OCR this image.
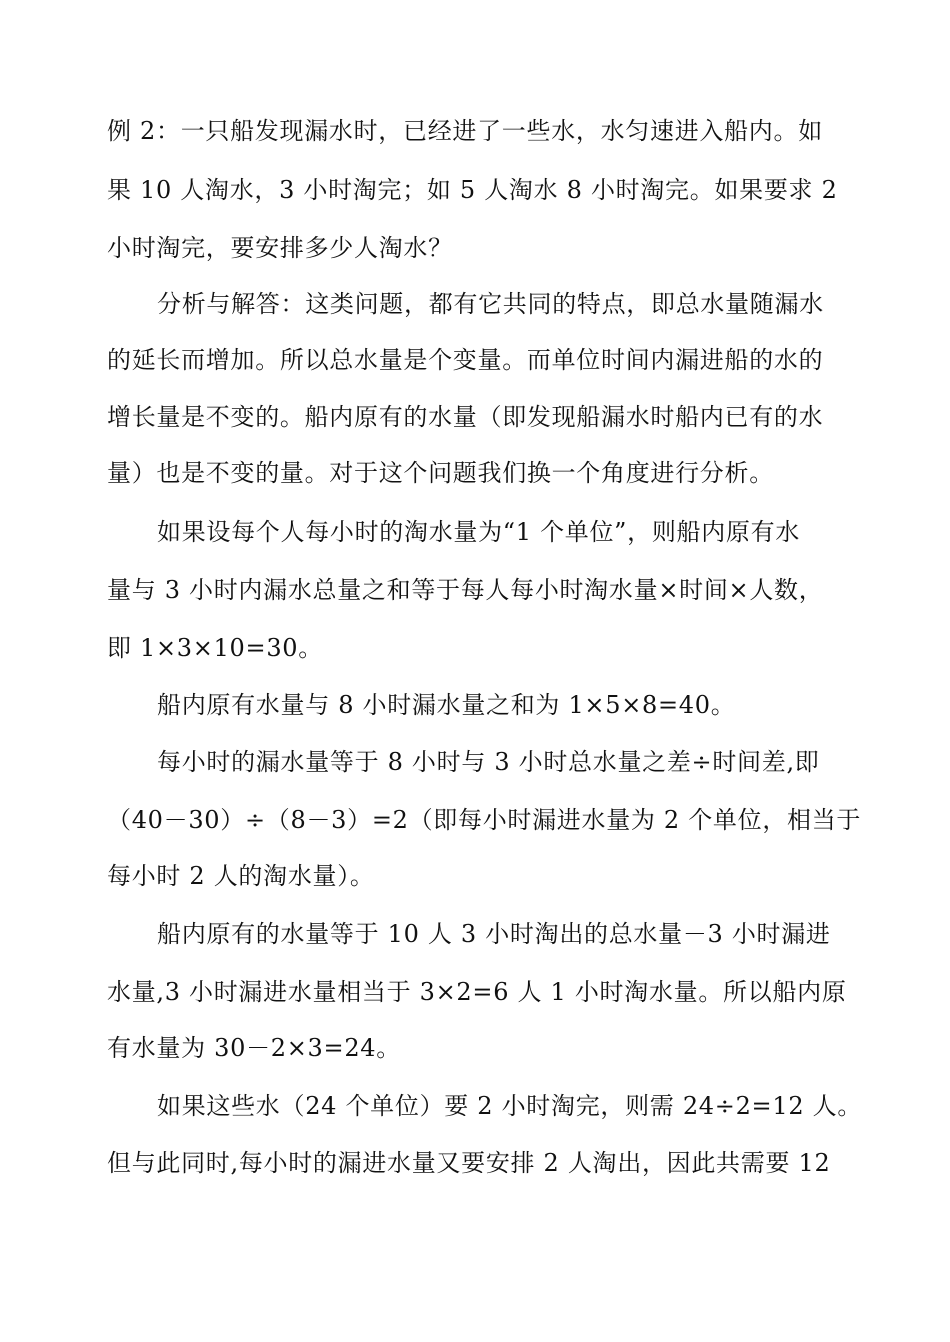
例 2：一只船发现漏水时，已经进了一些水，水匀速进入船内。如
果 10 人淘水，3 小时淘完；如 5 人淘水 8 小时淘完。如果要求 2
小时淘完，要安排多少人淘水？
分析与解答：这类问题，都有它共同的特点，即总水量随漏水
的延长而增加。所以总水量是个变量。而单位时间内漏进船的水的
增长量是不变的。船内原有的水量（即发现船漏水时船内已有的水
量）也是不变的量。对于这个问题我们换一个角度进行分析。
如果设每个人每小时的淘水量为“1 个单位”，则船内原有水
量与 3 小时内漏水总量之和等于每人每小时淘水量×时间×人数，
即 1×3×10=30。
船内原有水量与 8 小时漏水量之和为 1×5×8=40。
每小时的漏水量等于 8 小时与 3 小时总水量之差÷时间差,即
（40－30）÷（8－3）=2（即每小时漏进水量为 2 个单位，相当于
每小时 2 人的淘水量）。
船内原有的水量等于 10 人 3 小时淘出的总水量－3 小时漏进
水量,3 小时漏进水量相当于 3×2=6 人 1 小时淘水量。所以船内原
有水量为 30－2×3=24。
如果这些水（24 个单位）要 2 小时淘完，则需 24÷2=12 人。
但与此同时,每小时的漏进水量又要安排 2 人淘出，因此共需要 12
